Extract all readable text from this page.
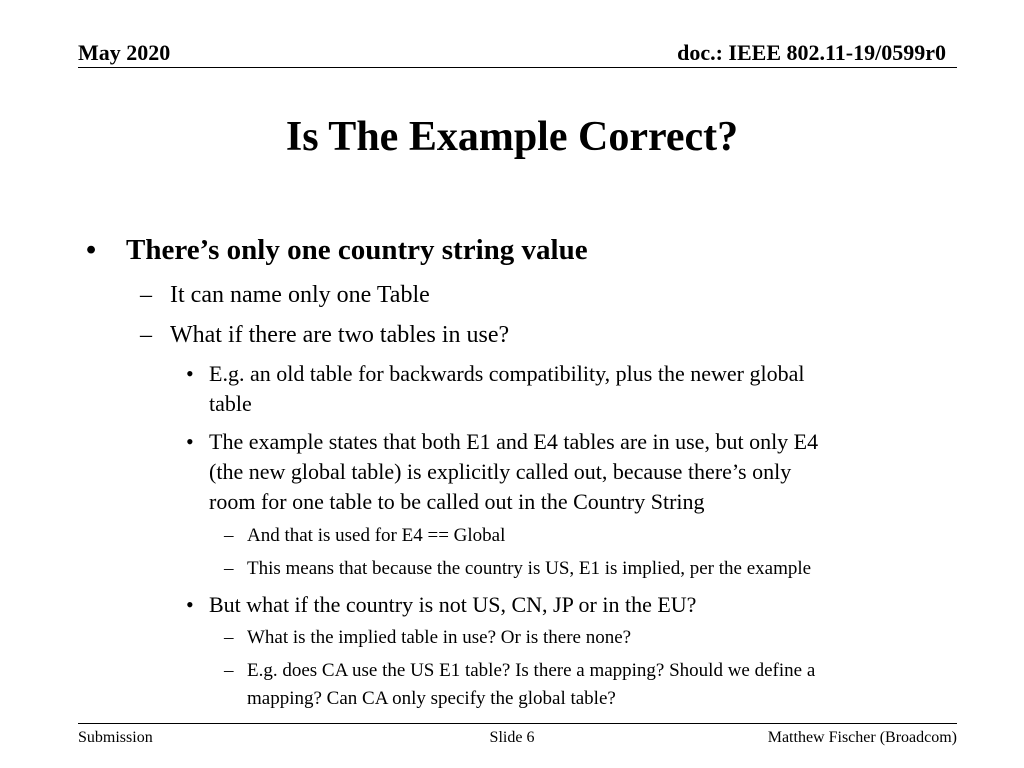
May 2020	doc.: IEEE 802.11-19/0599r0
Is The Example Correct?
• There’s only one country string value
– It can name only one Table
– What if there are two tables in use?
• E.g. an old table for backwards compatibility, plus the newer global
table
• The example states that both E1 and E4 tables are in use, but only E4
(the new global table) is explicitly called out, because there’s only
room for one table to be called out in the Country String
– And that is used for E4 == Global
– This means that because the country is US, E1 is implied, per the example
• But what if the country is not US, CN, JP or in the EU?
– What is the implied table in use? Or is there none?
– E.g. does CA use the US E1 table? Is there a mapping? Should we define a
mapping? Can CA only specify the global table?
Submission	Slide 6	Matthew Fischer (Broadcom)
